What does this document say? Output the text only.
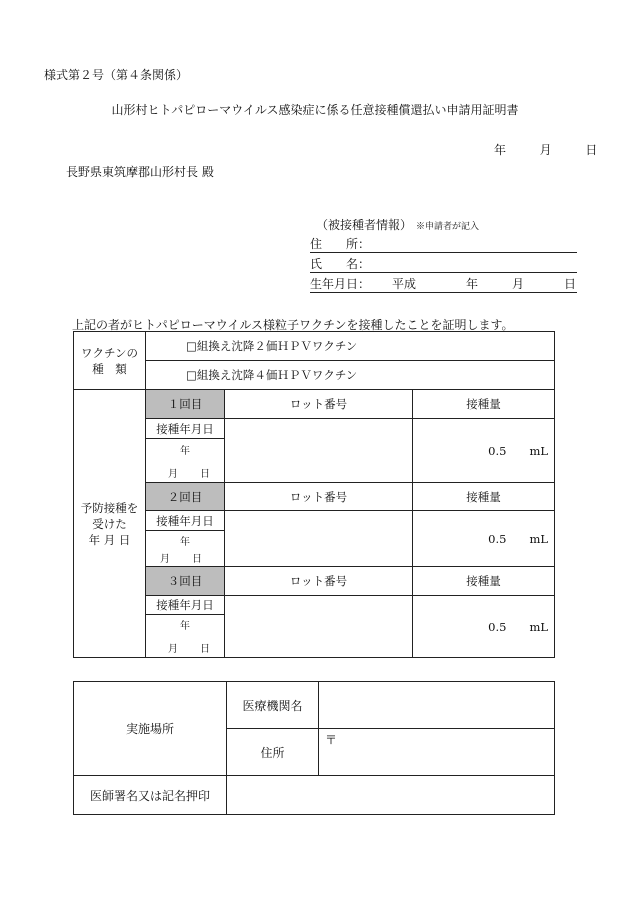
様式第２号（第４条関係）
山形村ヒトパピローマウイルス感染症に係る任意接種償還払い申請用証明書
年	月	日
長野県東筑摩郡山形村長 殿
（被接種者情報） ※申請者が記入
住　　所：
氏　　名：
生年月日： 平成	年	月	日
上記の者がヒトパピローマウイルス様粒子ワクチンを接種したことを証明します。
ワクチンの
種　類	□組換え沈降２価ＨＰＶワクチン		
	□組換え沈降４価ＨＰＶワクチン		

予防接種を
受けた
年 月 日	１回目	ロット番号	接種量
	接種年月日		0.5　　mL

	年
月 日		

	２回目	ロット番号	接種量
	接種年月日		0.5　　mL

	年
月 日		

	３回目	ロット番号	接種量
	接種年月日		0.5　　mL

	年
月 日		
実施場所	医療機関名	
	住所	〒

医師署名又は記名押印		
